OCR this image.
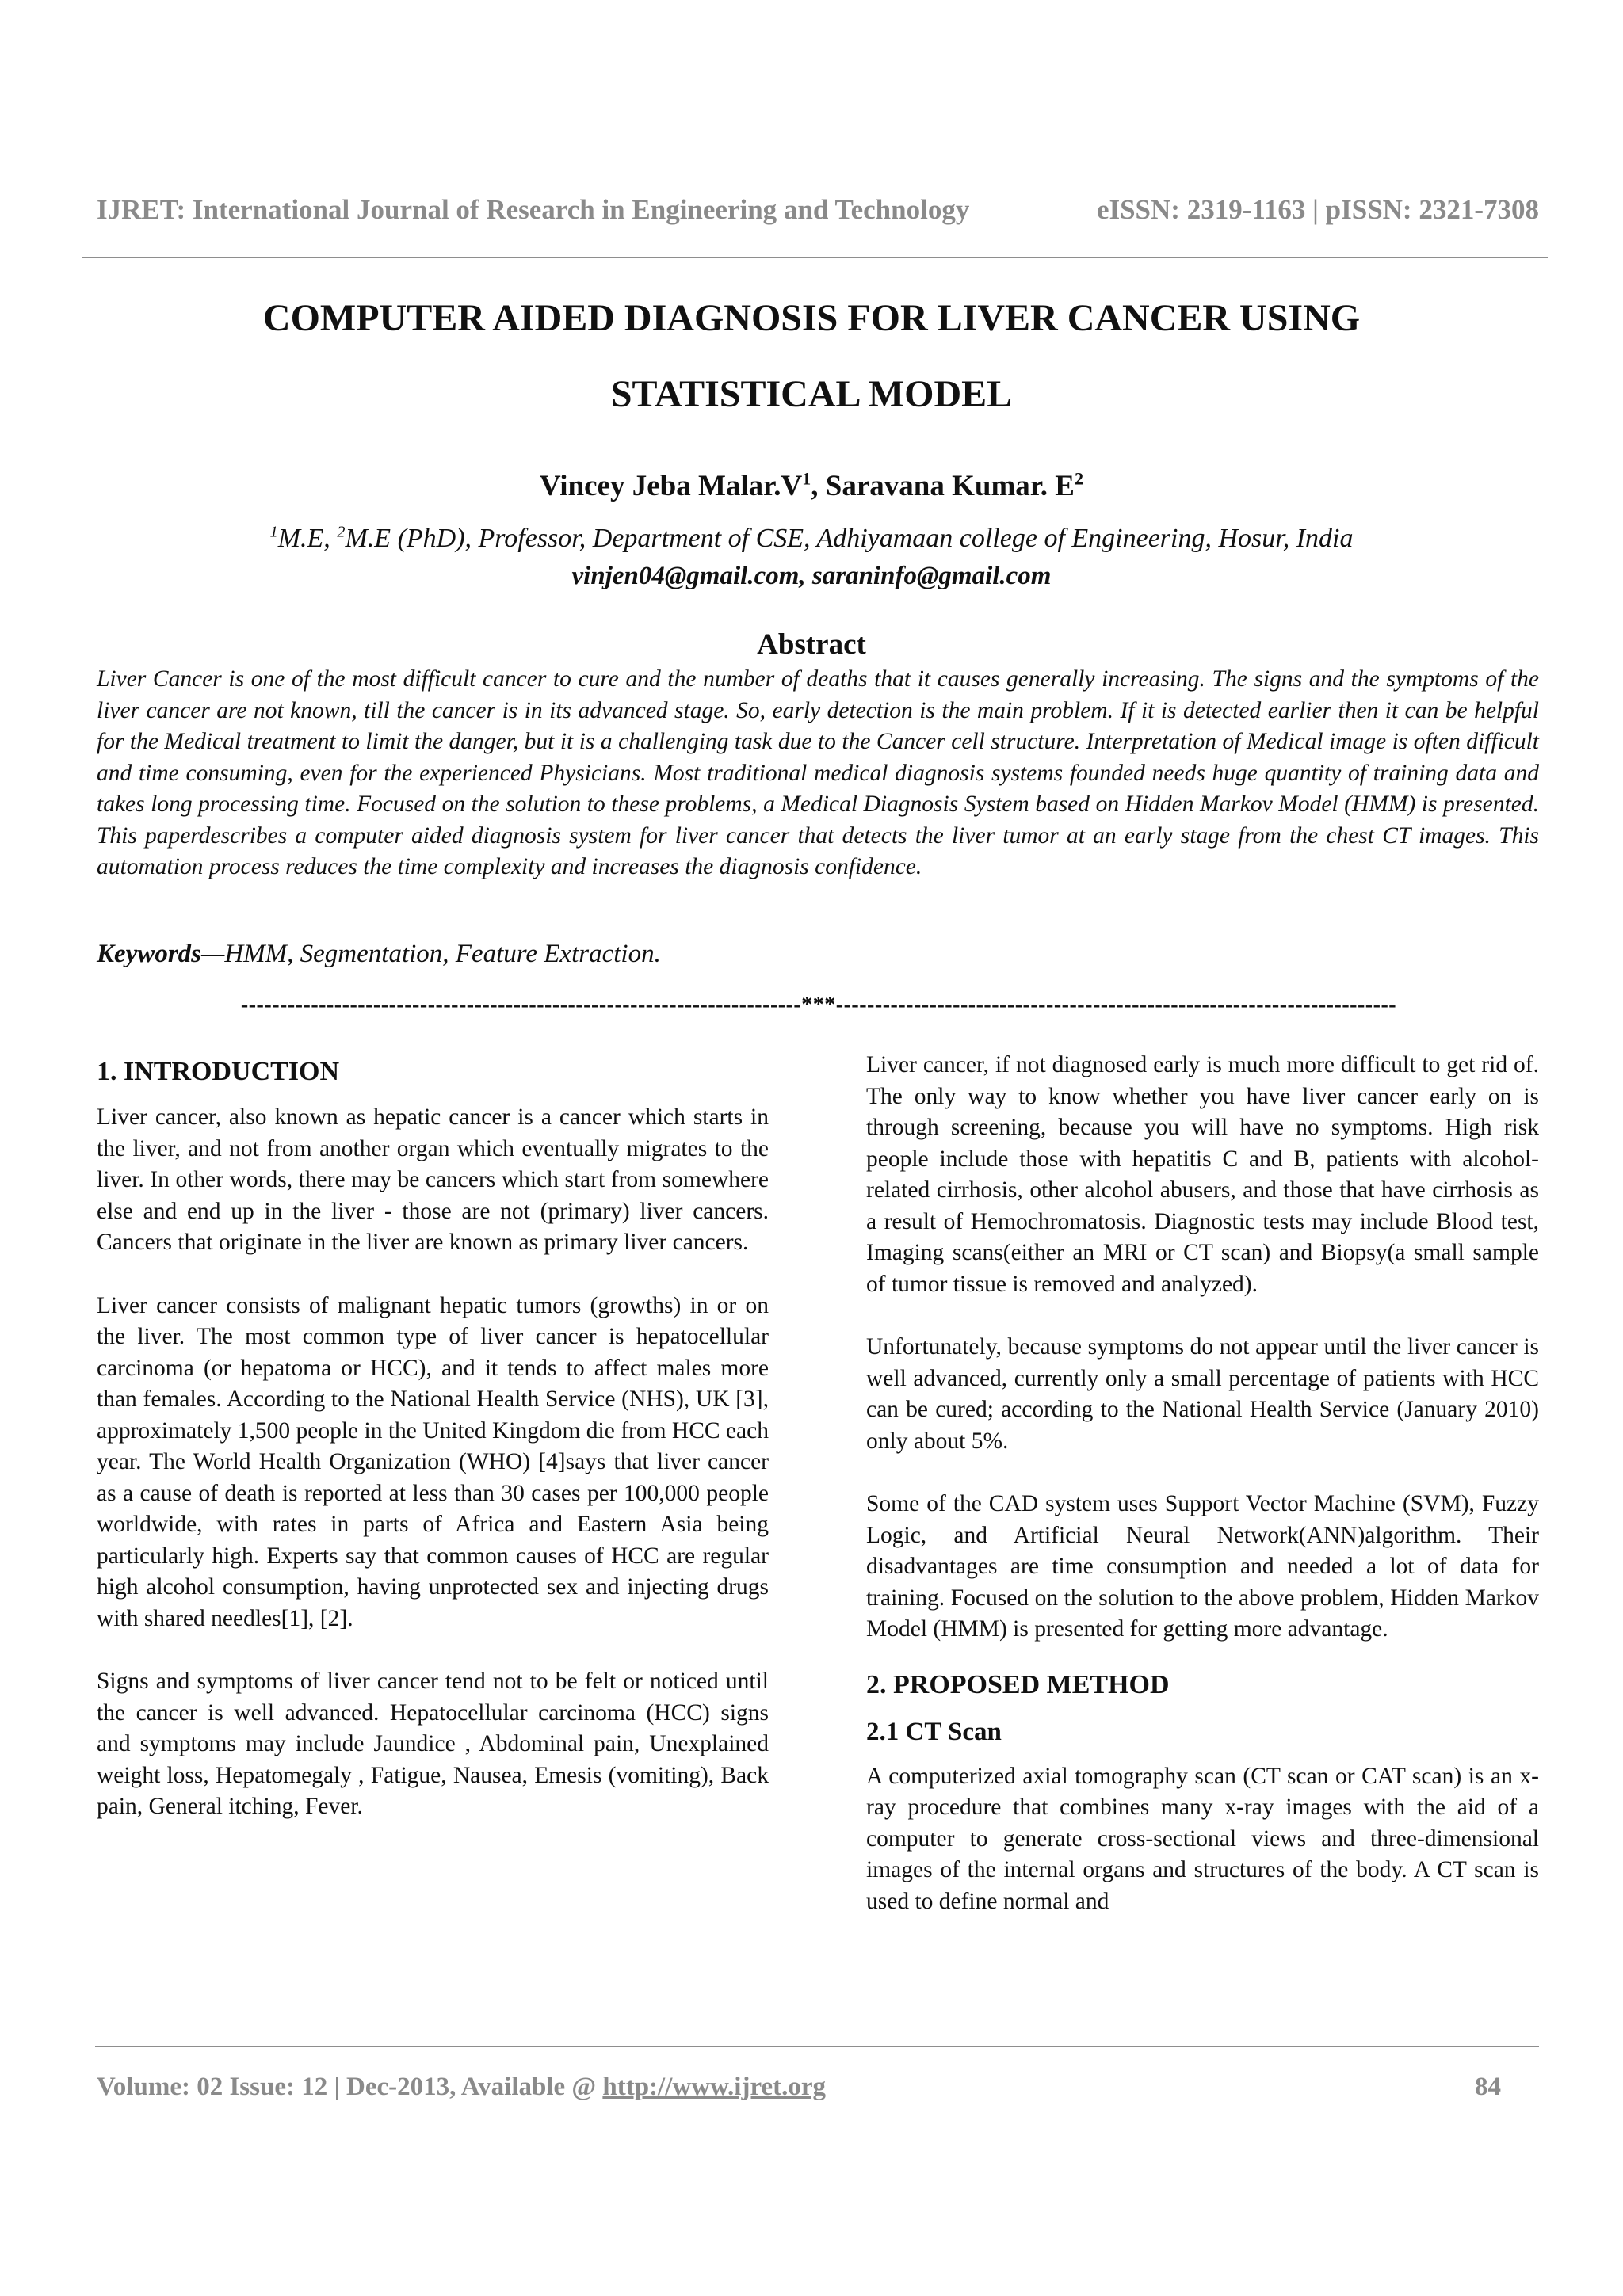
IJRET: International Journal of Research in Engineering and Technology	eISSN: 2319-1163 | pISSN: 2321-7308
COMPUTER AIDED DIAGNOSIS FOR LIVER CANCER USING
STATISTICAL MODEL
Vincey Jeba $Malar.V^1$, Saravana Kumar. $E^2$
$^1$M.E, $^2$M.E (PhD), Professor, Department of CSE, Adhiyamaan college of Engineering, Hosur, India
vinjen04@gmail.com, saraninfo@gmail.com
Abstract
Liver Cancer is one of the most difficult cancer to cure and the number of deaths that it causes generally increasing. The signs and the symptoms of the liver cancer are not known, till the cancer is in its advanced stage. So, early detection is the main problem. If it is detected earlier then it can be helpful for the Medical treatment to limit the danger, but it is a challenging task due to the Cancer cell structure. Interpretation of Medical image is often difficult and time consuming, even for the experienced Physicians. Most traditional medical diagnosis systems founded needs huge quantity of training data and takes long processing time. Focused on the solution to these problems, a Medical Diagnosis System based on Hidden Markov Model (HMM) is presented. This paperdescribes a computer aided diagnosis system for liver cancer that detects the liver tumor at an early stage from the chest CT images. This automation process reduces the time complexity and increases the diagnosis confidence.
Keywords—HMM, Segmentation, Feature Extraction.
------------------------------------------------------------------------***------------------------------------------------------------------------
1. INTRODUCTION

Liver cancer, also known as hepatic cancer is a cancer which starts in the liver, and not from another organ which eventually migrates to the liver. In other words, there may be cancers which start from somewhere else and end up in the liver - those are not (primary) liver cancers. Cancers that originate in the liver are known as primary liver cancers.

Liver cancer consists of malignant hepatic tumors (growths) in or on the liver. The most common type of liver cancer is hepatocellular carcinoma (or hepatoma or HCC), and it tends to affect males more than females. According to the National Health Service (NHS), UK [3], approximately 1,500 people in the United Kingdom die from HCC each year. The World Health Organization (WHO) [4]says that liver cancer as a cause of death is reported at less than 30 cases per 100,000 people worldwide, with rates in parts of Africa and Eastern Asia being particularly high. Experts say that common causes of HCC are regular high alcohol consumption, having unprotected sex and injecting drugs with shared needles[1], [2].

Signs and symptoms of liver cancer tend not to be felt or noticed until the cancer is well advanced. Hepatocellular carcinoma (HCC) signs and symptoms may include Jaundice , Abdominal pain, Unexplained weight loss, Hepatomegaly , Fatigue, Nausea, Emesis (vomiting), Back pain, General itching, Fever.

Liver cancer, if not diagnosed early is much more difficult to get rid of. The only way to know whether you have liver cancer early on is through screening, because you will have no symptoms. High risk people include those with hepatitis C and B, patients with alcohol-related cirrhosis, other alcohol abusers, and those that have cirrhosis as a result of Hemochromatosis. Diagnostic tests may include Blood test, Imaging scans(either an MRI or CT scan) and Biopsy(a small sample of tumor tissue is removed and analyzed).

Unfortunately, because symptoms do not appear until the liver cancer is well advanced, currently only a small percentage of patients with HCC can be cured; according to the National Health Service (January 2010) only about 5%.

Some of the CAD system uses Support Vector Machine (SVM), Fuzzy Logic, and Artificial Neural Network(ANN)algorithm. Their disadvantages are time consumption and needed a lot of data for training. Focused on the solution to the above problem, Hidden Markov Model (HMM) is presented for getting more advantage.

2. PROPOSED METHOD
2.1 CT Scan

A computerized axial tomography scan (CT scan or CAT scan) is an x-ray procedure that combines many x-ray images with the aid of a computer to generate cross-sectional views and three-dimensional images of the internal organs and structures of the body. A CT scan is used to define normal and

Volume: 02 Issue: 12 | Dec-2013, Available @ http://www.ijret.org	84
